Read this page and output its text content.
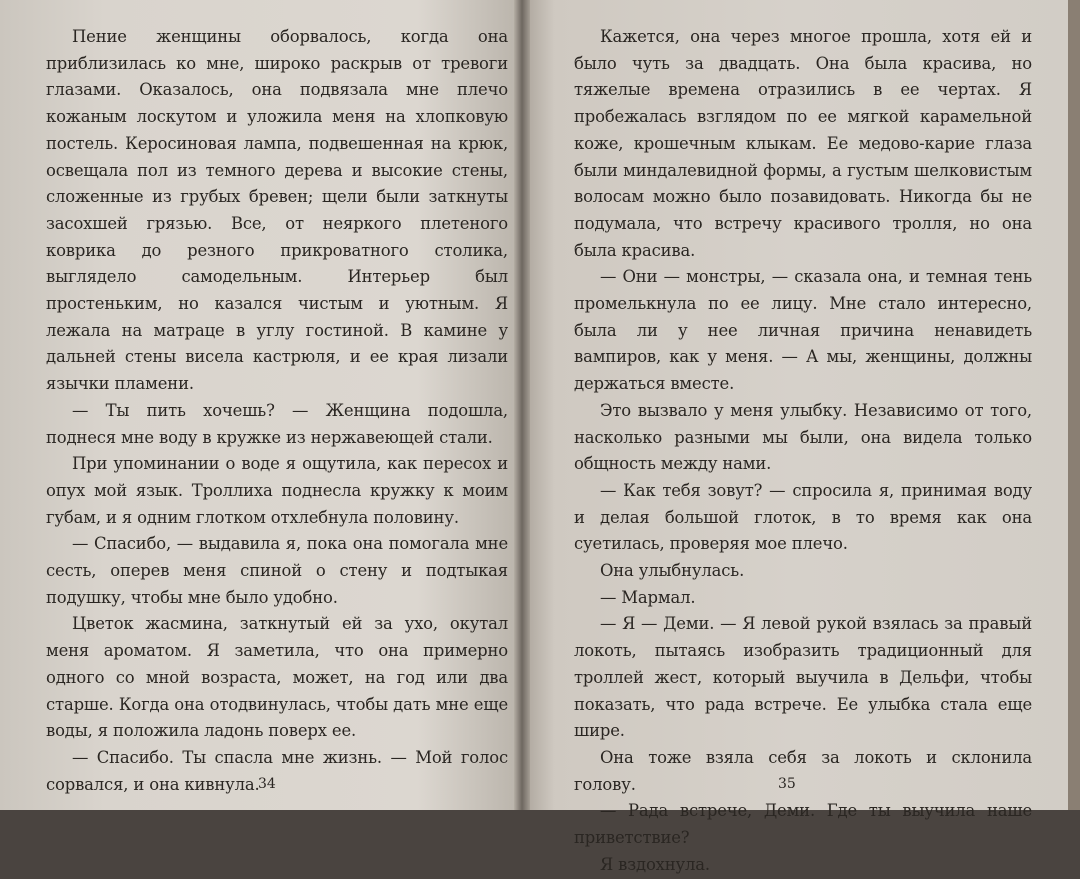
Пение женщины оборвалось, когда она приблизилась ко мне, широко раскрыв от тревоги глазами. Оказалось, она подвязала мне плечо кожаным лоскутом и уложила меня на хлопковую постель. Керосиновая лампа, подвешенная на крюк, освещала пол из темного дерева и высокие стены, сложенные из грубых бревен; щели были заткнуты засохшей грязью. Все, от неяркого плетеного коврика до резного прикроватного столика, выглядело самодельным. Интерьер был простеньким, но казался чистым и уютным. Я лежала на матраце в углу гостиной. В камине у дальней стены висела кастрюля, и ее края лизали язычки пламени.

— Ты пить хочешь? — Женщина подошла, поднеся мне воду в кружке из нержавеющей стали.

При упоминании о воде я ощутила, как пересох и опух мой язык. Троллиха поднесла кружку к моим губам, и я одним глотком отхлебнула половину.

— Спасибо, — выдавила я, пока она помогала мне сесть, оперев меня спиной о стену и подтыкая подушку, чтобы мне было удобно.

Цветок жасмина, заткнутый ей за ухо, окутал меня ароматом. Я заметила, что она примерно одного со мной возраста, может, на год или два старше. Когда она отодвинулась, чтобы дать мне еще воды, я положила ладонь поверх ее.

— Спасибо. Ты спасла мне жизнь. — Мой голос сорвался, и она кивнула.

34

Кажется, она через многое прошла, хотя ей и было чуть за двадцать. Она была красива, но тяжелые времена отразились в ее чертах. Я пробежалась взглядом по ее мягкой карамельной коже, крошечным клыкам. Ее медово-карие глаза были миндалевидной формы, а густым шелковистым волосам можно было позавидовать. Никогда бы не подумала, что встречу красивого тролля, но она была красива.

— Они — монстры, — сказала она, и темная тень промелькнула по ее лицу. Мне стало интересно, была ли у нее личная причина ненавидеть вампиров, как у меня. — А мы, женщины, должны держаться вместе.

Это вызвало у меня улыбку. Независимо от того, насколько разными мы были, она видела только общность между нами.

— Как тебя зовут? — спросила я, принимая воду и делая большой глоток, в то время как она суетилась, проверяя мое плечо.

Она улыбнулась.

— Мармал.

— Я — Деми. — Я левой рукой взялась за правый локоть, пытаясь изобразить традиционный для троллей жест, который выучила в Дельфи, чтобы показать, что рада встрече. Ее улыбка стала еще шире.

Она тоже взяла себя за локоть и склонила голову.

— Рада встрече, Деми. Где ты выучила наше приветствие?

Я вздохнула.

35
